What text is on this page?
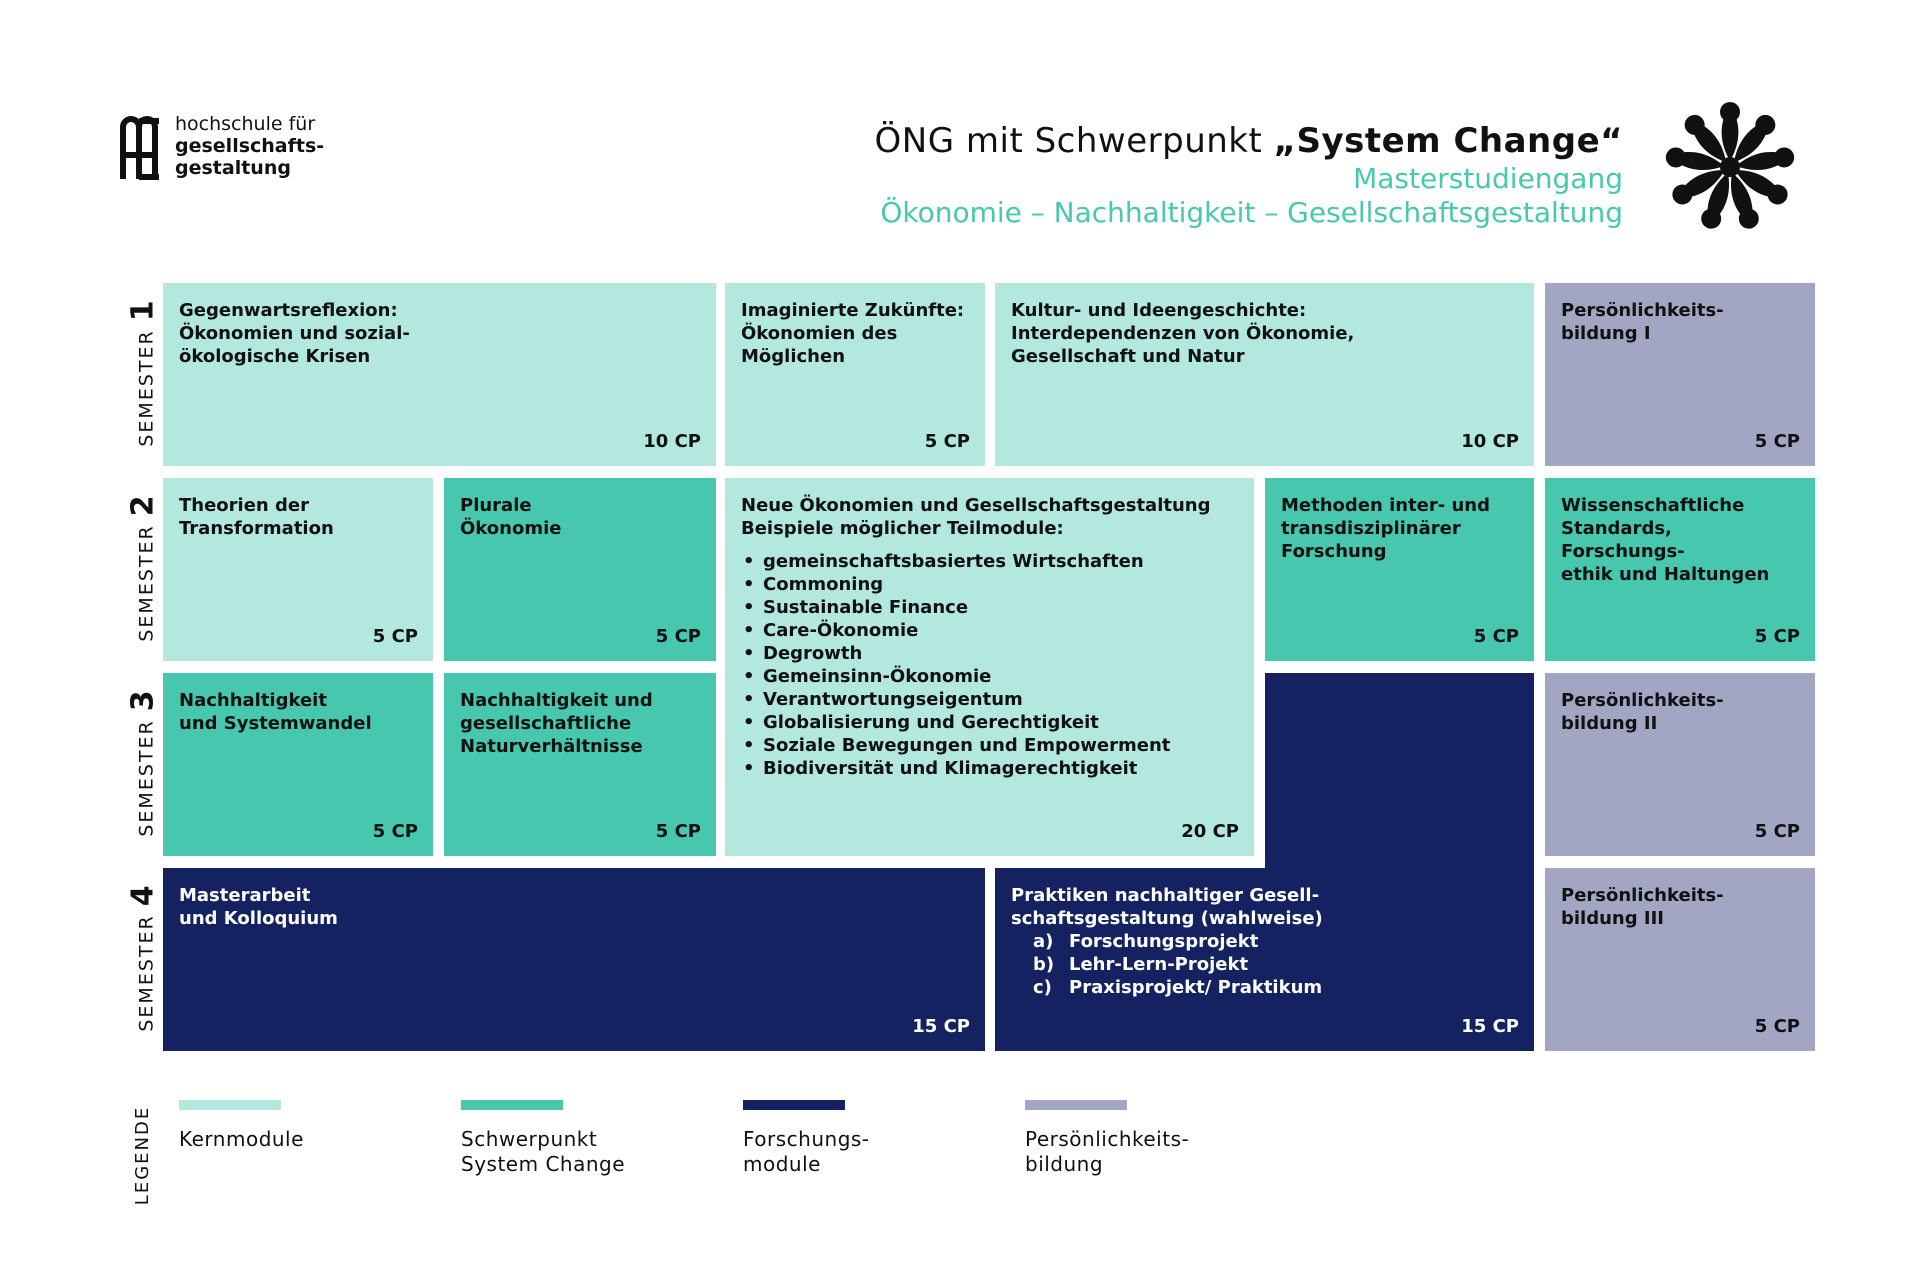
hochschule für
gesellschafts-
gestaltung
ÖNG mit Schwerpunkt „System Change“
Masterstudiengang
Ökonomie – Nachhaltigkeit – Gesellschaftsgestaltung
SEMESTER 1
SEMESTER 2
SEMESTER 3
SEMESTER 4
Gegenwartsreflexion:
Ökonomien und sozial-
ökologische Krisen
10 CP
Imaginierte Zukünfte:
Ökonomien des
Möglichen
5 CP
Kultur- und Ideengeschichte:
Interdependenzen von Ökonomie,
Gesellschaft und Natur
10 CP
Persönlichkeits-
bildung I
5 CP
Theorien der
Transformation
5 CP
Plurale
Ökonomie
5 CP
Neue Ökonomien und Gesellschaftsgestaltung
Beispiele möglicher Teilmodule:
• gemeinschaftsbasiertes Wirtschaften
• Commoning
• Sustainable Finance
• Care-Ökonomie
• Degrowth
• Gemeinsinn-Ökonomie
• Verantwortungseigentum
• Globalisierung und Gerechtigkeit
• Soziale Bewegungen und Empowerment
• Biodiversität und Klimagerechtigkeit
20 CP
Methoden inter- und
transdisziplinärer
Forschung
5 CP
Wissenschaftliche
Standards, Forschungs-
ethik und Haltungen
5 CP
Nachhaltigkeit
und Systemwandel
5 CP
Nachhaltigkeit und
gesellschaftliche
Naturverhältnisse
5 CP
Persönlichkeits-
bildung II
5 CP
Masterarbeit
und Kolloquium
15 CP
Praktiken nachhaltiger Gesell-
schaftsgestaltung (wahlweise)
a) Forschungsprojekt
b) Lehr-Lern-Projekt
c) Praxisprojekt/ Praktikum
15 CP
Persönlichkeits-
bildung III
5 CP
LEGENDE Kernmodule	Schwerpunkt
System Change
Forschungs-
module
Persönlichkeits-
bildung
